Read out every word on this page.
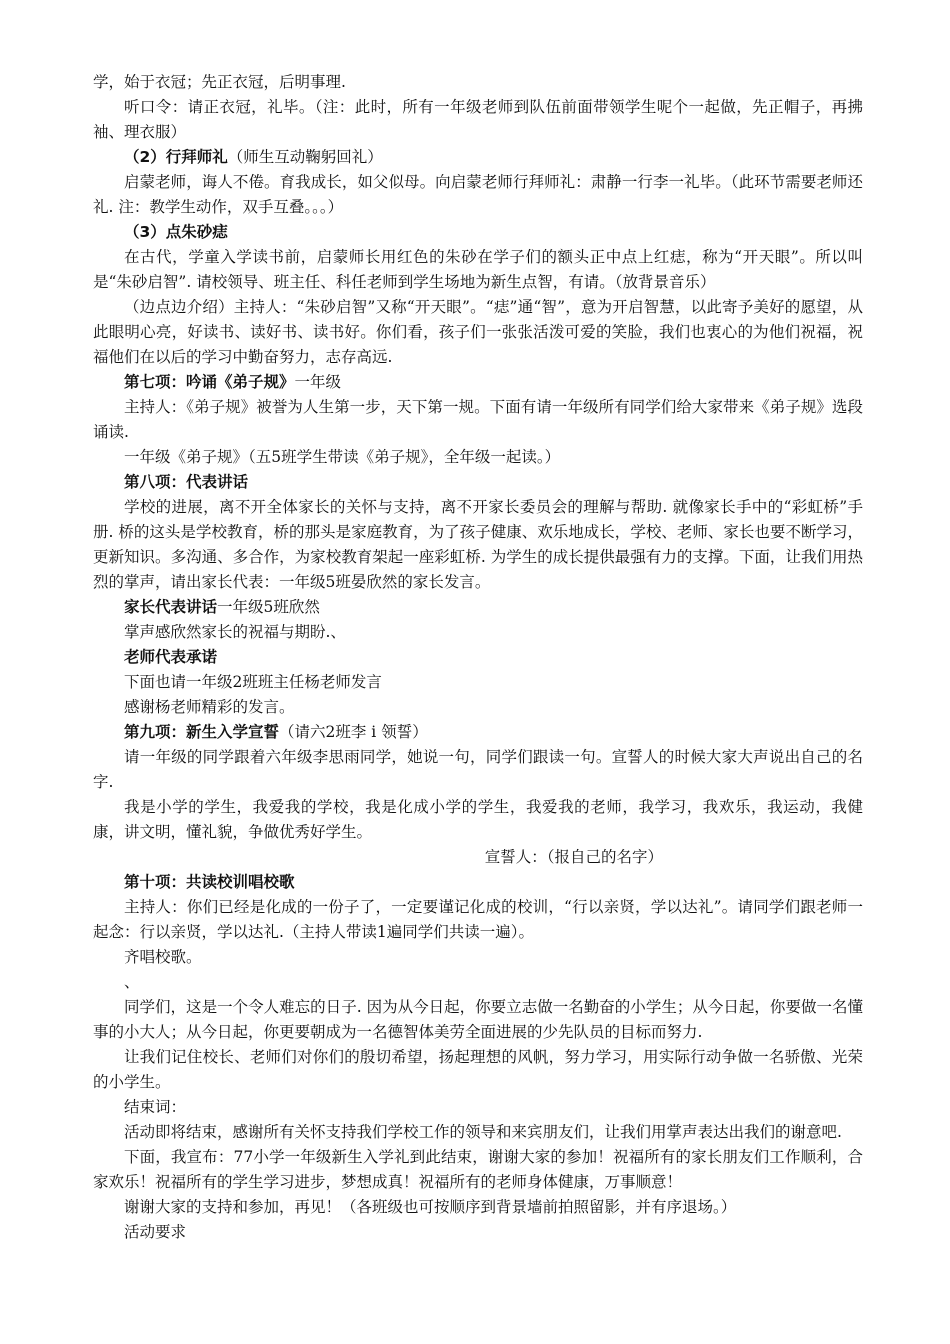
学，始于衣冠；先正衣冠，后明事理.

听口令：请正衣冠，礼毕。（注：此时，所有一年级老师到队伍前面带领学生呢个一起做，先正帽子，再拂袖、理衣服）

（2）行拜师礼（师生互动鞠躬回礼）

启蒙老师，诲人不倦。育我成长，如父似母。向启蒙老师行拜师礼：肃静一行李一礼毕。（此环节需要老师还礼. 注：教学生动作，双手互叠。。。）

（3）点朱砂痣

在古代，学童入学读书前，启蒙师长用红色的朱砂在学子们的额头正中点上红痣，称为“开天眼”。所以叫是“朱砂启智”. 请校领导、班主任、科任老师到学生场地为新生点智，有请。（放背景音乐）

（边点边介绍）主持人：“朱砂启智”又称“开天眼”。“痣”通“智”，意为开启智慧，以此寄予美好的愿望，从此眼明心亮，好读书、读好书、读书好。你们看，孩子们一张张活泼可爱的笑脸，我们也衷心的为他们祝福，祝福他们在以后的学习中勤奋努力，志存高远.

第七项：吟诵《弟子规》一年级

主持人：《弟子规》被誉为人生第一步，天下第一规。下面有请一年级所有同学们给大家带来《弟子规》选段诵读.

一年级《弟子规》（五5班学生带读《弟子规》，全年级一起读。）

第八项：代表讲话

学校的进展，离不开全体家长的关怀与支持，离不开家长委员会的理解与帮助. 就像家长手中的“彩虹桥”手册. 桥的这头是学校教育，桥的那头是家庭教育，为了孩子健康、欢乐地成长，学校、老师、家长也要不断学习，更新知识。多沟通、多合作，为家校教育架起一座彩虹桥. 为学生的成长提供最强有力的支撑。下面，让我们用热烈的掌声，请出家长代表：一年级5班晏欣然的家长发言。

家长代表讲话一年级5班欣然

掌声感欣然家长的祝福与期盼.、

老师代表承诺

下面也请一年级2班班主任杨老师发言

感谢杨老师精彩的发言。

第九项：新生入学宣誓（请六2班李 i 领誓）

请一年级的同学跟着六年级李思雨同学，她说一句，同学们跟读一句。宣誓人的时候大家大声说出自己的名字.

我是小学的学生，我爱我的学校，我是化成小学的学生，我爱我的老师，我学习，我欢乐，我运动，我健康，讲文明，懂礼貌，争做优秀好学生。

宣誓人：（报自己的名字）

第十项：共读校训唱校歌

主持人：你们已经是化成的一份子了，一定要谨记化成的校训，“行以亲贤，学以达礼”。请同学们跟老师一起念：行以亲贤，学以达礼.（主持人带读1遍同学们共读一遍）。

齐唱校歌。

、

同学们，这是一个令人难忘的日子. 因为从今日起，你要立志做一名勤奋的小学生；从今日起，你要做一名懂事的小大人；从今日起，你更要朝成为一名德智体美劳全面进展的少先队员的目标而努力.

让我们记住校长、老师们对你们的殷切希望，扬起理想的风帆，努力学习，用实际行动争做一名骄傲、光荣的小学生。

结束词：

活动即将结束，感谢所有关怀支持我们学校工作的领导和来宾朋友们，让我们用掌声表达出我们的谢意吧.

下面，我宣布：77小学一年级新生入学礼到此结束，谢谢大家的参加！祝福所有的家长朋友们工作顺利，合家欢乐！祝福所有的学生学习进步，梦想成真！祝福所有的老师身体健康，万事顺意！

谢谢大家的支持和参加，再见！（各班级也可按顺序到背景墙前拍照留影，并有序退场。）

活动要求
